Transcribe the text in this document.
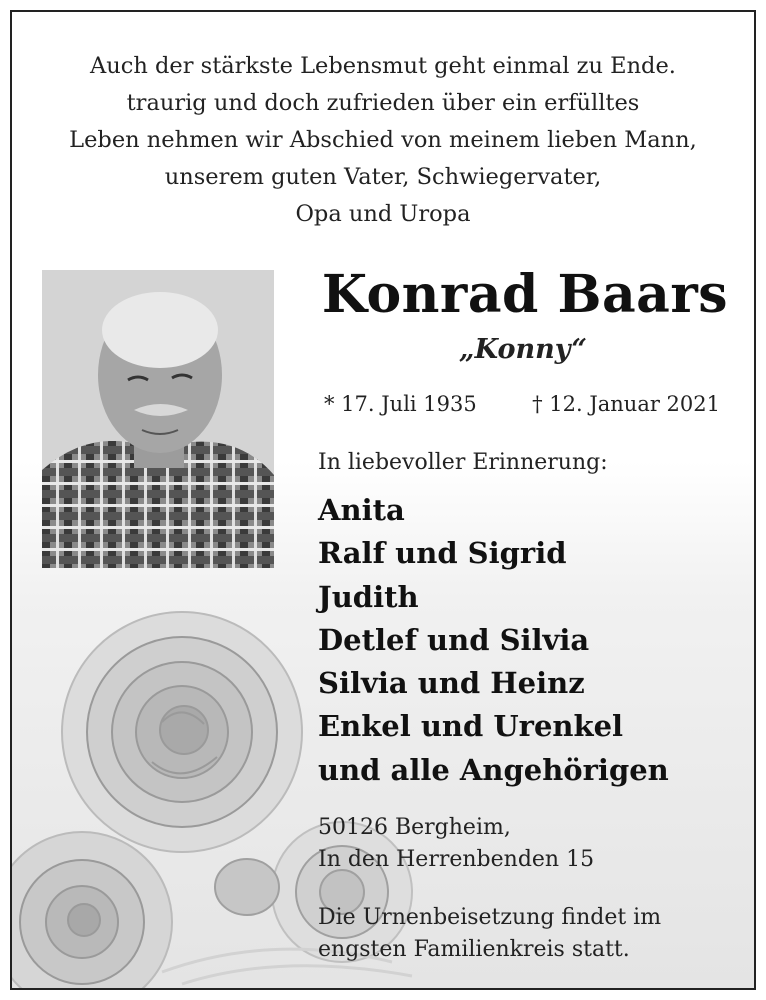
Auch der stärkste Lebensmut geht einmal zu Ende.
traurig und doch zufrieden über ein erfülltes
Leben nehmen wir Abschied von meinem lieben Mann,
unserem guten Vater, Schwiegervater,
Opa und Uropa
Konrad Baars
„Konny“
* 17. Juli 1935	† 12. Januar 2021
In liebevoller Erinnerung:
Anita
Ralf und Sigrid
Judith
Detlef und Silvia
Silvia und Heinz
Enkel und Urenkel
und alle Angehörigen
50126 Bergheim,
In den Herrenbenden 15
Die Urnenbeisetzung findet im
engsten Familienkreis statt.
